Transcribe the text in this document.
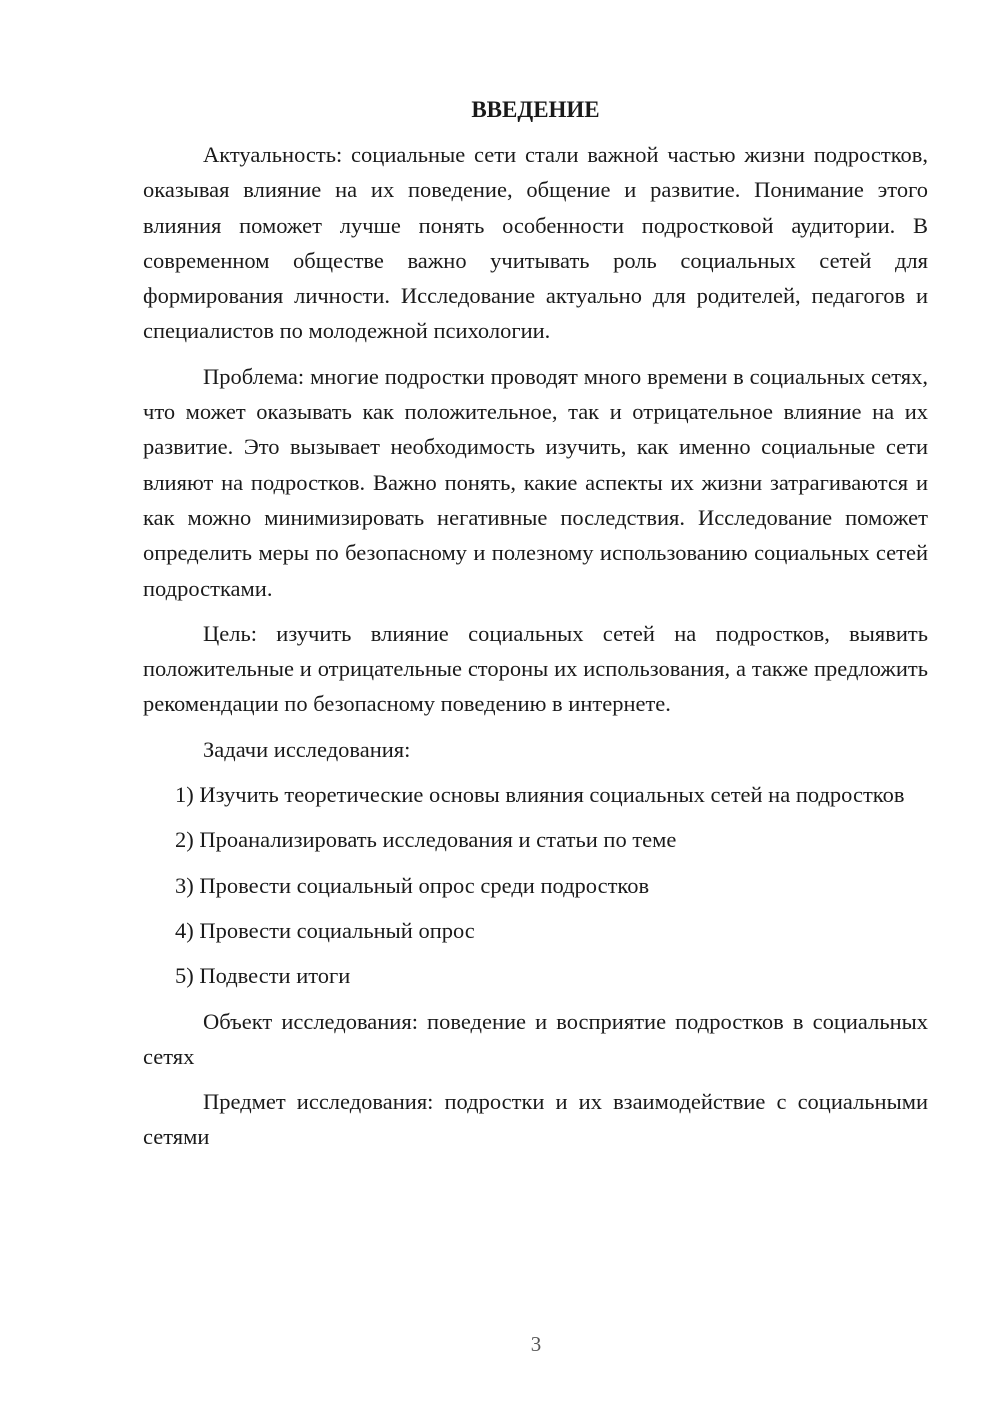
ВВЕДЕНИЕ

Актуальность: социальные сети стали важной частью жизни подростков, оказывая влияние на их поведение, общение и развитие. Понимание этого влияния поможет лучше понять особенности подростковой аудитории. В современном обществе важно учитывать роль социальных сетей для формирования личности. Исследование актуально для родителей, педагогов и специалистов по молодежной психологии.

Проблема: многие подростки проводят много времени в социальных сетях, что может оказывать как положительное, так и отрицательное влияние на их развитие. Это вызывает необходимость изучить, как именно социальные сети влияют на подростков. Важно понять, какие аспекты их жизни затрагиваются и как можно минимизировать негативные последствия. Исследование поможет определить меры по безопасному и полезному использованию социальных сетей подростками.

Цель: изучить влияние социальных сетей на подростков, выявить положительные и отрицательные стороны их использования, а также предложить рекомендации по безопасному поведению в интернете.

Задачи исследования:

1) Изучить теоретические основы влияния социальных сетей на подростков

2) Проанализировать исследования и статьи по теме

3) Провести социальный опрос среди подростков

4) Провести социальный опрос

5) Подвести итоги

Объект исследования: поведение и восприятие подростков в социальных сетях

Предмет исследования: подростки и их взаимодействие с социальными сетями

3
